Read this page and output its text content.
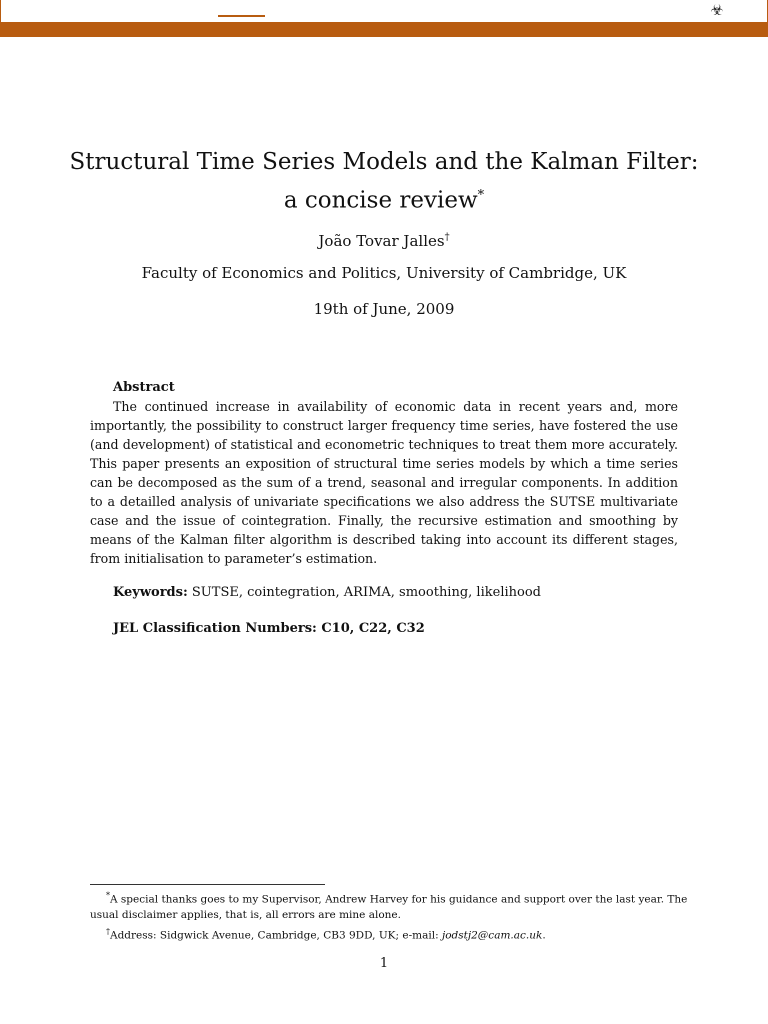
☣
Structural Time Series Models and the Kalman Filter:
a concise review*
João Tovar Jalles†
Faculty of Economics and Politics, University of Cambridge, UK
19th of June, 2009
Abstract

The continued increase in availability of economic data in recent years and, more importantly, the possibility to construct larger frequency time series, have fostered the use (and development) of statistical and econometric techniques to treat them more accurately. This paper presents an exposition of structural time series models by which a time series can be decomposed as the sum of a trend, seasonal and irregular components. In addition to a detailled analysis of univariate specifications we also address the SUTSE multivariate case and the issue of cointegration. Finally, the recursive estimation and smoothing by means of the Kalman filter algorithm is described taking into account its different stages, from initialisation to parameter’s estimation.

Keywords: SUTSE, cointegration, ARIMA, smoothing, likelihood
JEL Classification Numbers: C10, C22, C32

*A special thanks goes to my Supervisor, Andrew Harvey for his guidance and support over the last year. The usual disclaimer applies, that is, all errors are mine alone.

†Address: Sidgwick Avenue, Cambridge, CB3 9DD, UK; e-mail: jodstj2@cam.ac.uk.

1
